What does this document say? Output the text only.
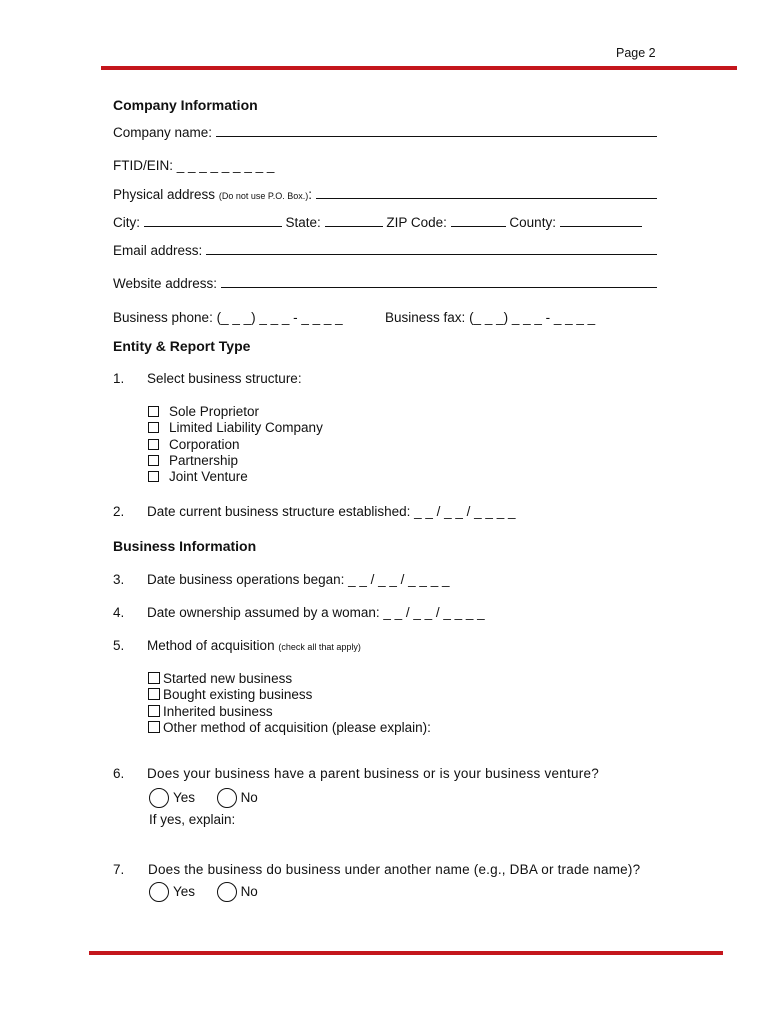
Page 2
Company Information
Company name:
FTID/EIN: _ _ _ _ _ _ _ _ _
Physical address
(Do not use P.O. Box.) :
City:	State:	ZIP Code:	County:
Email address:
Website address:
Business phone: (_ _ _) _ _ _ - _ _ _ _	Business fax: (_ _ _) _ _ _ - _ _ _ _
Entity & Report Type
1. Select business structure:
Sole Proprietor
Limited Liability Company
Corporation
Partnership
Joint Venture
2. Date current business structure established: _ _ / _ _ / _ _ _ _
Business Information
3. Date business operations began: _ _ / _ _ / _ _ _ _
4. Date ownership assumed by a woman: _ _ / _ _ / _ _ _ _
5. Method of acquisition (check all that apply)
Started new business
Bought existing business
Inherited business
Other method of acquisition (please explain):
6. Does your business have a parent business or is your business venture?
Yes	No
If yes, explain:
7. Does the business do business under another name (e.g., DBA or trade name)?
Yes	No
